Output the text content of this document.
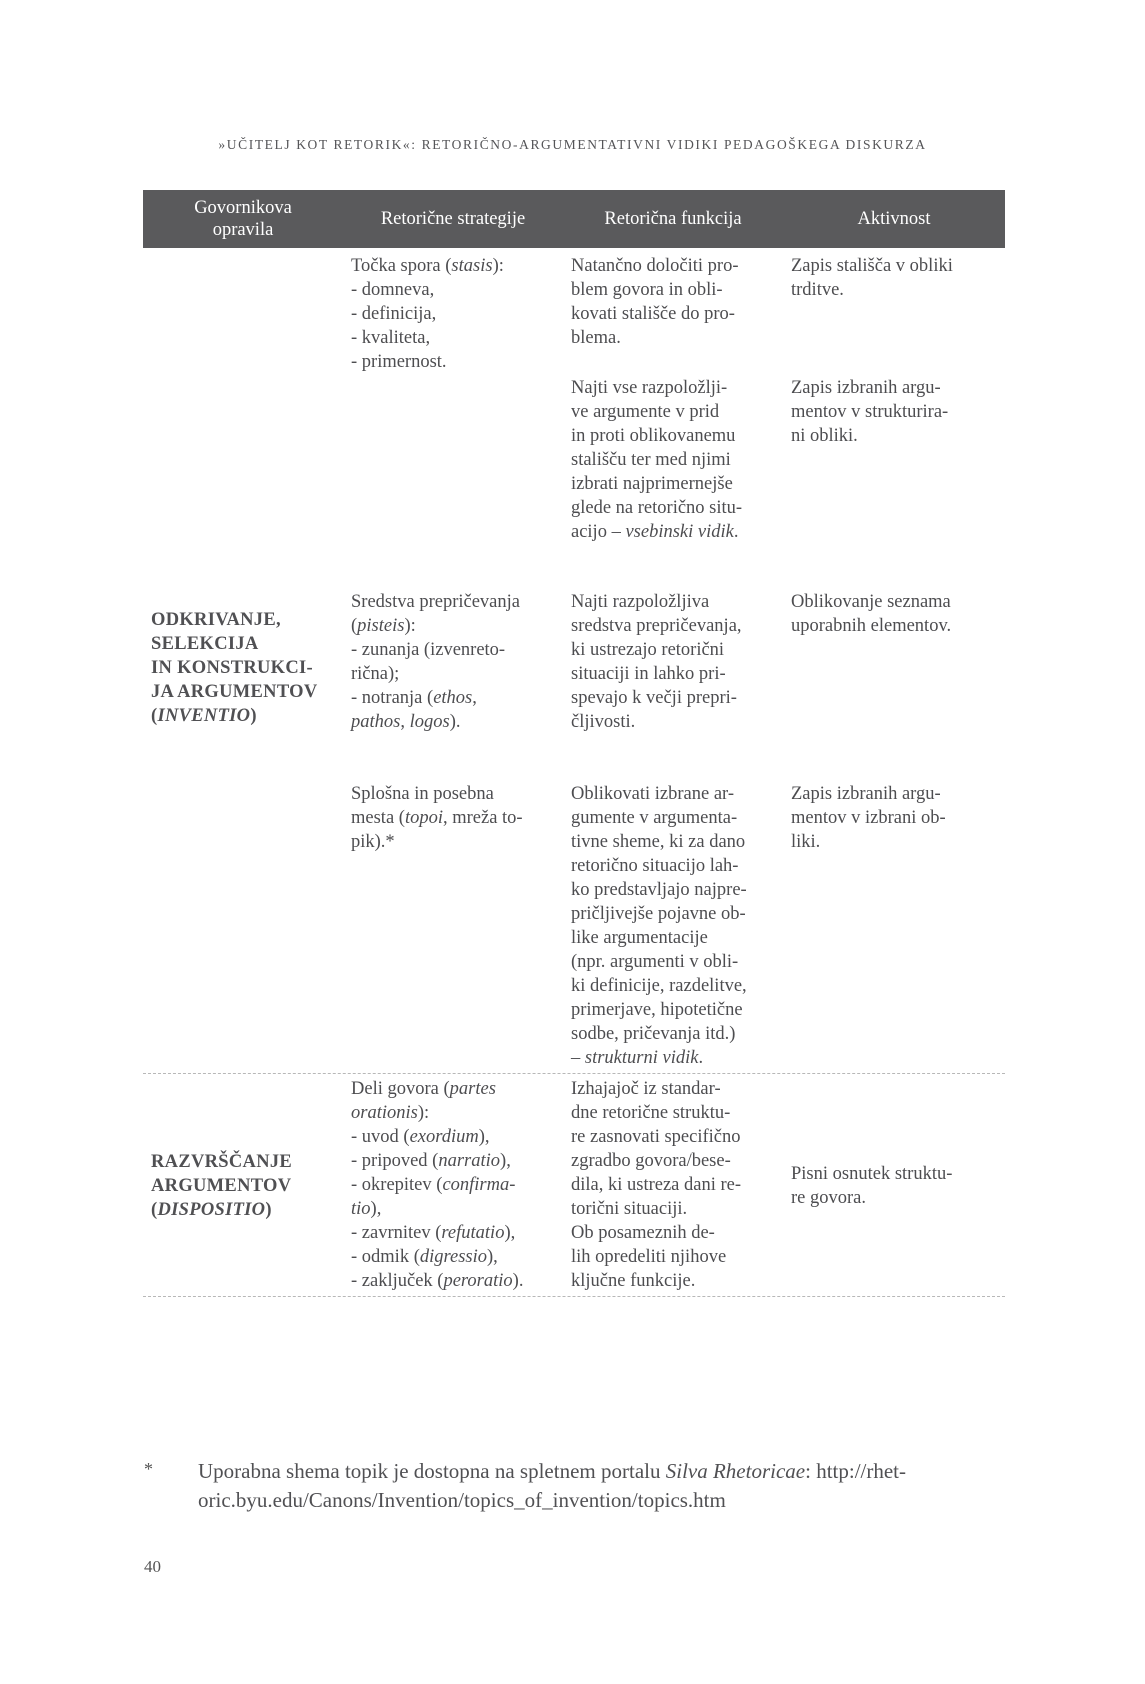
»UČITELJ KOT RETORIK«: RETORIČNO-ARGUMENTATIVNI VIDIKI PEDAGOŠKEGA DISKURZA
Govornikova
opravila
Retorične strategije	Retorična funkcija	Aktivnost
Točka spora (stasis):
- domneva,
- definicija,
- kvaliteta,
- primernost.
Natančno določiti pro-
blem govora in obli-
kovati stališče do pro-
blema.
Zapis stališča v obliki
trditve.
Najti vse razpoložlji-
ve argumente v prid
in proti oblikovanemu
stališču ter med njimi
izbrati najprimernejše
glede na retorično situ-
acijo – vsebinski vidik.
Zapis izbranih argu-
mentov v strukturira-
ni obliki.
ODKRIVANJE,
SELEKCIJA
IN KONSTRUKCI-
JA ARGUMENTOV
(INVENTIO)
Sredstva prepričevanja
(pisteis):
- zunanja (izvenreto-
rična);
- notranja (ethos,
pathos, logos).
Najti razpoložljiva
sredstva prepričevanja,
ki ustrezajo retorični
situaciji in lahko pri-
spevajo k večji prepri-
čljivosti.
Oblikovanje seznama
uporabnih elementov.
Splošna in posebna
mesta (topoi, mreža to-
pik).*
Oblikovati izbrane ar-
gumente v argumenta-
tivne sheme, ki za dano
retorično situacijo lah-
ko predstavljajo najpre-
pričljivejše pojavne ob-
like argumentacije
(npr. argumenti v obli-
ki definicije, razdelitve,
primerjave, hipotetične
sodbe, pričevanja itd.)
– strukturni vidik.
Zapis izbranih argu-
mentov v izbrani ob-
liki.
RAZVRŠČANJE
ARGUMENTOV
(DISPOSITIO)
Deli govora (partes
orationis):
- uvod (exordium),
- pripoved (narratio),
- okrepitev (confirma-
tio),
- zavrnitev (refutatio),
- odmik (digressio),
- zaključek (peroratio).
Izhajajoč iz standar-
dne retorične struktu-
re zasnovati specifično
zgradbo govora/bese-
dila, ki ustreza dani re-
torični situaciji.
Ob posameznih de-
lih opredeliti njihove
ključne funkcije.
Pisni osnutek struktu-
re govora.
* Uporabna shema topik je dostopna na spletnem portalu Silva Rhetoricae: http://rhet-
oric.byu.edu/Canons/Invention/topics_of_invention/topics.htm
40
